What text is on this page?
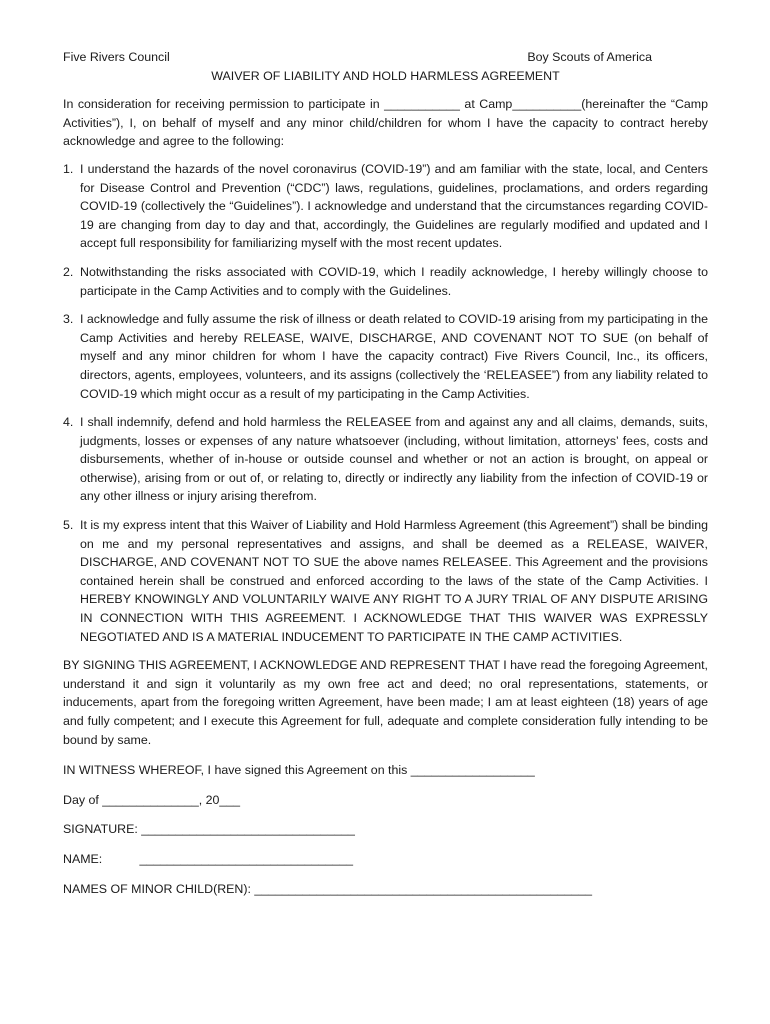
Five Rivers Council	Boy Scouts of America
WAIVER OF LIABILITY AND HOLD HARMLESS AGREEMENT

In consideration for receiving permission to participate in ___________ at Camp__________(hereinafter the “Camp Activities”), I, on behalf of myself and any minor child/children for whom I have the capacity to contract hereby acknowledge and agree to the following:

1. I understand the hazards of the novel coronavirus (COVID-19”) and am familiar with the state, local, and Centers for Disease Control and Prevention (“CDC”) laws, regulations, guidelines, proclamations, and orders regarding COVID-19 (collectively the “Guidelines”). I acknowledge and understand that the circumstances regarding COVID-19 are changing from day to day and that, accordingly, the Guidelines are regularly modified and updated and I accept full responsibility for familiarizing myself with the most recent updates.
2. Notwithstanding the risks associated with COVID-19, which I readily acknowledge, I hereby willingly choose to participate in the Camp Activities and to comply with the Guidelines.
3. I acknowledge and fully assume the risk of illness or death related to COVID-19 arising from my participating in the Camp Activities and hereby RELEASE, WAIVE, DISCHARGE, AND COVENANT NOT TO SUE (on behalf of myself and any minor children for whom I have the capacity contract) Five Rivers Council, Inc., its officers, directors, agents, employees, volunteers, and its assigns (collectively the ‘RELEASEE”) from any liability related to COVID-19 which might occur as a result of my participating in the Camp Activities.
4. I shall indemnify, defend and hold harmless the RELEASEE from and against any and all claims, demands, suits, judgments, losses or expenses of any nature whatsoever (including, without limitation, attorneys’ fees, costs and disbursements, whether of in-house or outside counsel and whether or not an action is brought, on appeal or otherwise), arising from or out of, or relating to, directly or indirectly any liability from the infection of COVID-19 or any other illness or injury arising therefrom.
5. It is my express intent that this Waiver of Liability and Hold Harmless Agreement (this Agreement”) shall be binding on me and my personal representatives and assigns, and shall be deemed as a RELEASE, WAIVER, DISCHARGE, AND COVENANT NOT TO SUE the above names RELEASEE. This Agreement and the provisions contained herein shall be construed and enforced according to the laws of the state of the Camp Activities. I HEREBY KNOWINGLY AND VOLUNTARILY WAIVE ANY RIGHT TO A JURY TRIAL OF ANY DISPUTE ARISING IN CONNECTION WITH THIS AGREEMENT. I ACKNOWLEDGE THAT THIS WAIVER WAS EXPRESSLY NEGOTIATED AND IS A MATERIAL INDUCEMENT TO PARTICIPATE IN THE CAMP ACTIVITIES.

BY SIGNING THIS AGREEMENT, I ACKNOWLEDGE AND REPRESENT THAT I have read the foregoing Agreement, understand it and sign it voluntarily as my own free act and deed; no oral representations, statements, or inducements, apart from the foregoing written Agreement, have been made; I am at least eighteen (18) years of age and fully competent; and I execute this Agreement for full, adequate and complete consideration fully intending to be bound by same.

IN WITNESS WHEREOF, I have signed this Agreement on this __________________
Day of ______________, 20___
SIGNATURE: _______________________________
NAME:	_______________________________
NAMES OF MINOR CHILD(REN): _________________________________________________
